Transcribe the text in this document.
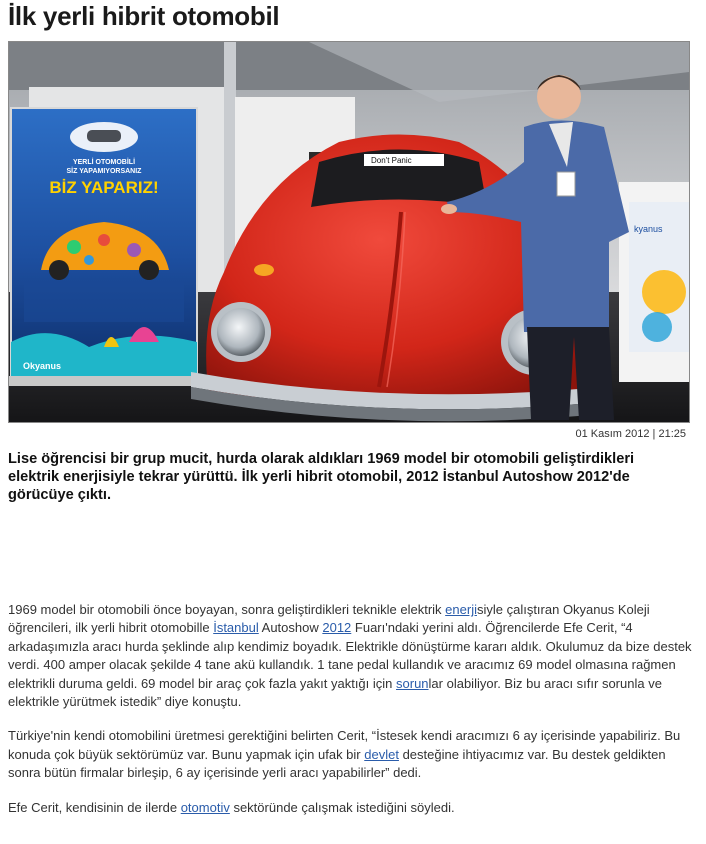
İlk yerli hibrit otomobil
kyanus
YERLİ OTOMOBİLİ
SİZ YAPAMIYORSANIZ
BİZ YAPARIZ!
Okyanus
Don't Panic
01 Kasım 2012 | 21:25

Lise öğrencisi bir grup mucit, hurda olarak aldıkları 1969 model bir otomobili geliştirdikleri elektrik enerjisiyle tekrar yürüttü. İlk yerli hibrit otomobil, 2012 İstanbul Autoshow 2012'de görücüye çıktı.

1969 model bir otomobili önce boyayan, sonra geliştirdikleri teknikle elektrik enerjisiyle çalıştıran Okyanus Koleji öğrencileri, ilk yerli hibrit otomobille İstanbul Autoshow 2012 Fuarı'ndaki yerini aldı. Öğrencilerde Efe Cerit, “4 arkadaşımızla aracı hurda şeklinde alıp kendimiz boyadık. Elektrikle dönüştürme kararı aldık. Okulumuz da bize destek verdi. 400 amper olacak şekilde 4 tane akü kullandık. 1 tane pedal kullandık ve aracımız 69 model olmasına rağmen elektrikli duruma geldi. 69 model bir araç çok fazla yakıt yaktığı için sorunlar olabiliyor. Biz bu aracı sıfır sorunla ve elektrikle yürütmek istedik” diye konuştu.

Türkiye'nin kendi otomobilini üretmesi gerektiğini belirten Cerit, “İstesek kendi aracımızı 6 ay içerisinde yapabiliriz. Bu konuda çok büyük sektörümüz var. Bunu yapmak için ufak bir devlet desteğine ihtiyacımız var. Bu destek geldikten sonra bütün firmalar birleşip, 6 ay içerisinde yerli aracı yapabilirler” dedi.

Efe Cerit, kendisinin de ilerde otomotiv sektöründe çalışmak istediğini söyledi.
